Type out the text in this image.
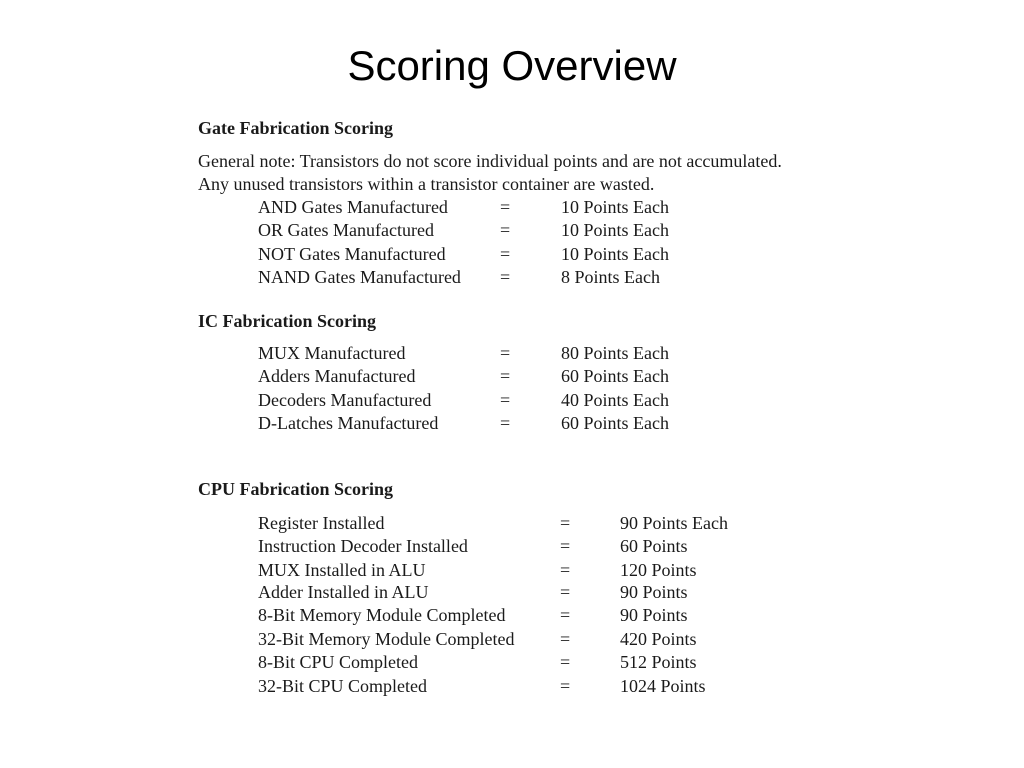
Scoring Overview
Gate Fabrication Scoring
General note: Transistors do not score individual points and are not accumulated.
Any unused transistors within a transistor container are wasted.
AND Gates Manufactured	=	10 Points Each
OR Gates Manufactured	=	10 Points Each
NOT Gates Manufactured	=	10 Points Each
NAND Gates Manufactured =	8 Points Each
IC Fabrication Scoring
MUX Manufactured	=	80 Points Each
Adders Manufactured	=	60 Points Each
Decoders Manufactured	=	40 Points Each
D-Latches Manufactured	=	60 Points Each
CPU Fabrication Scoring
Register Installed	=	90 Points Each
Instruction Decoder Installed	=	60 Points
MUX Installed in ALU	=	120 Points
Adder Installed in ALU	=	90 Points
8-Bit Memory Module Completed	=	90 Points
32-Bit Memory Module Completed	=	420 Points
8-Bit CPU Completed	=	512 Points
32-Bit CPU Completed	=	1024 Points
